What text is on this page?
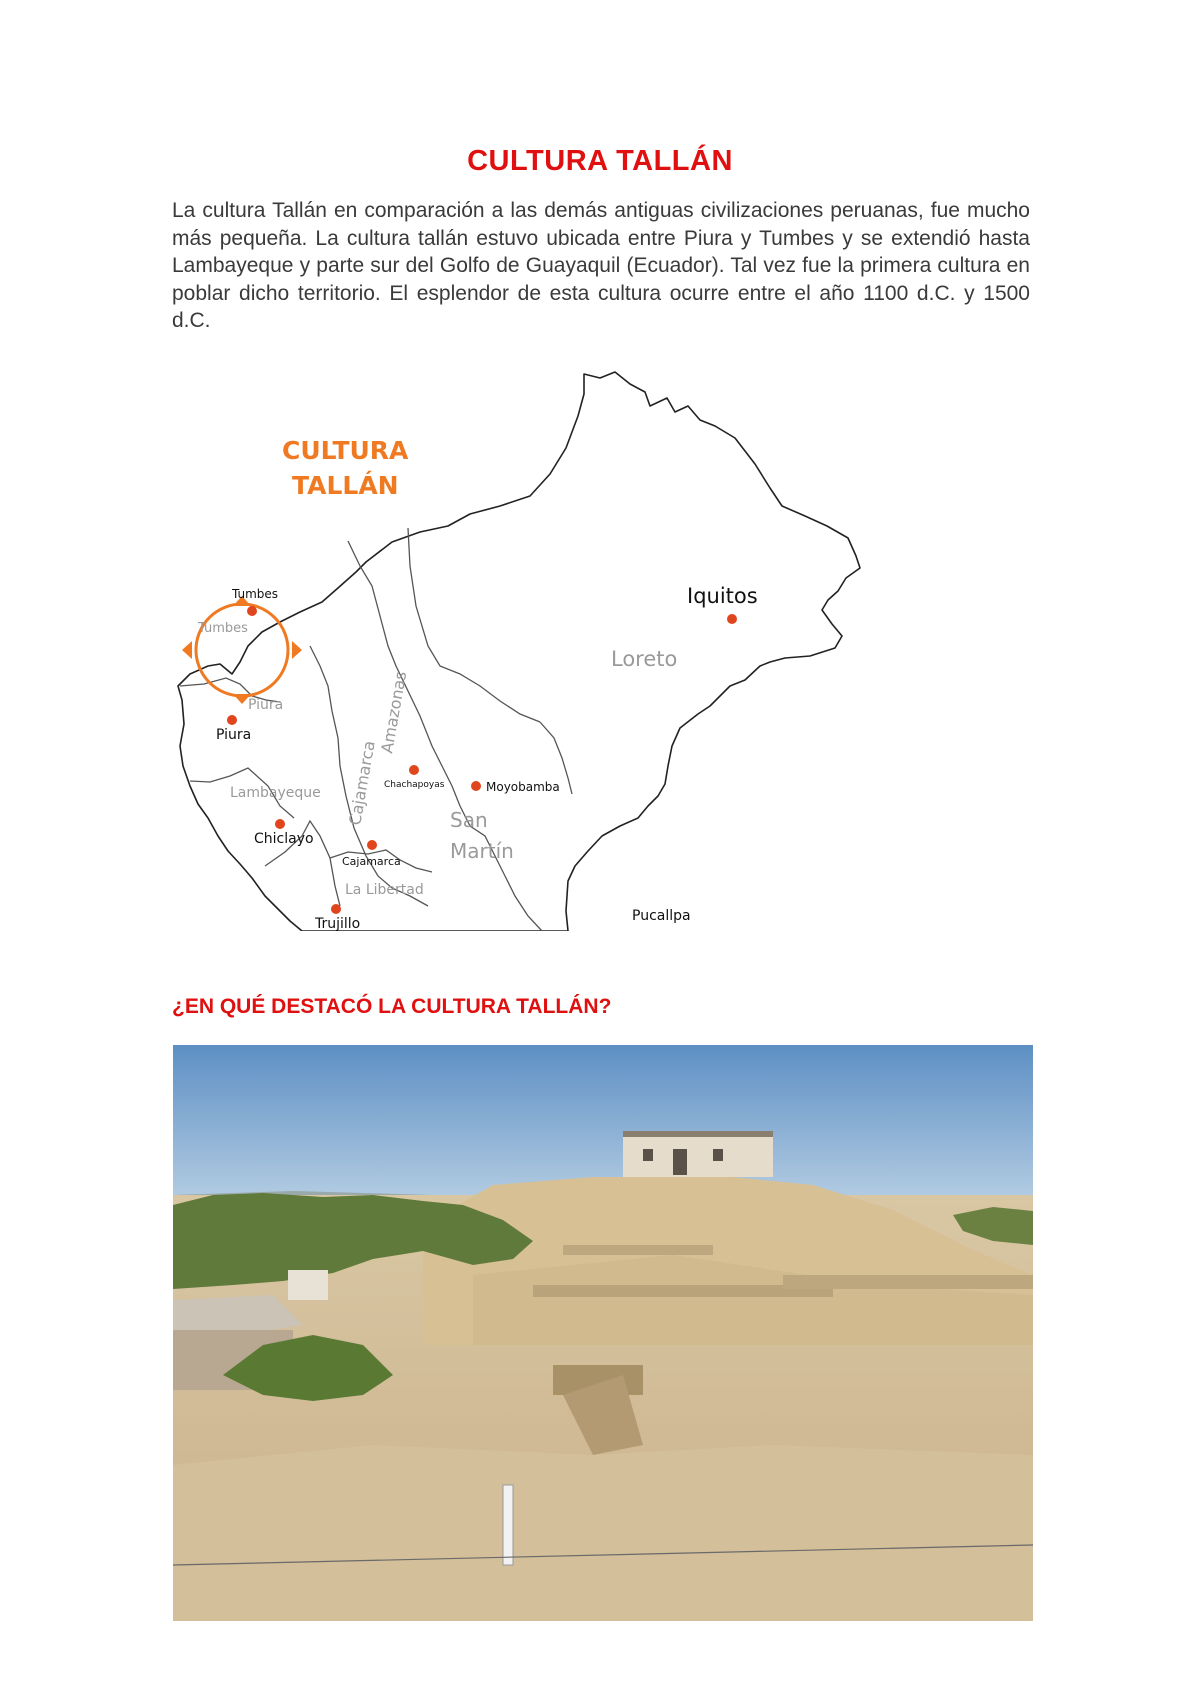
CULTURA TALLÁN
La cultura Tallán en comparación a las demás antiguas civilizaciones peruanas, fue mucho más pequeña. La cultura tallán estuvo ubicada entre Piura y Tumbes y se extendió hasta Lambayeque y parte sur del Golfo de Guayaquil (Ecuador). Tal vez fue la primera cultura en poblar dicho territorio. El esplendor de esta cultura ocurre entre el año 1100 d.C. y 1500 d.C.
CULTURA
TALLÁN
Tumbes
Piura
Lambayeque Cajamarca
Amazonas
San
Martín
La Libertad
Loreto
Tumbes
Piura
Chiclayo
Cajamarca
Chachapoyas	Moyobamba
Iquitos
Trujillo	Pucallpa
¿EN QUÉ DESTACÓ LA CULTURA TALLÁN?
